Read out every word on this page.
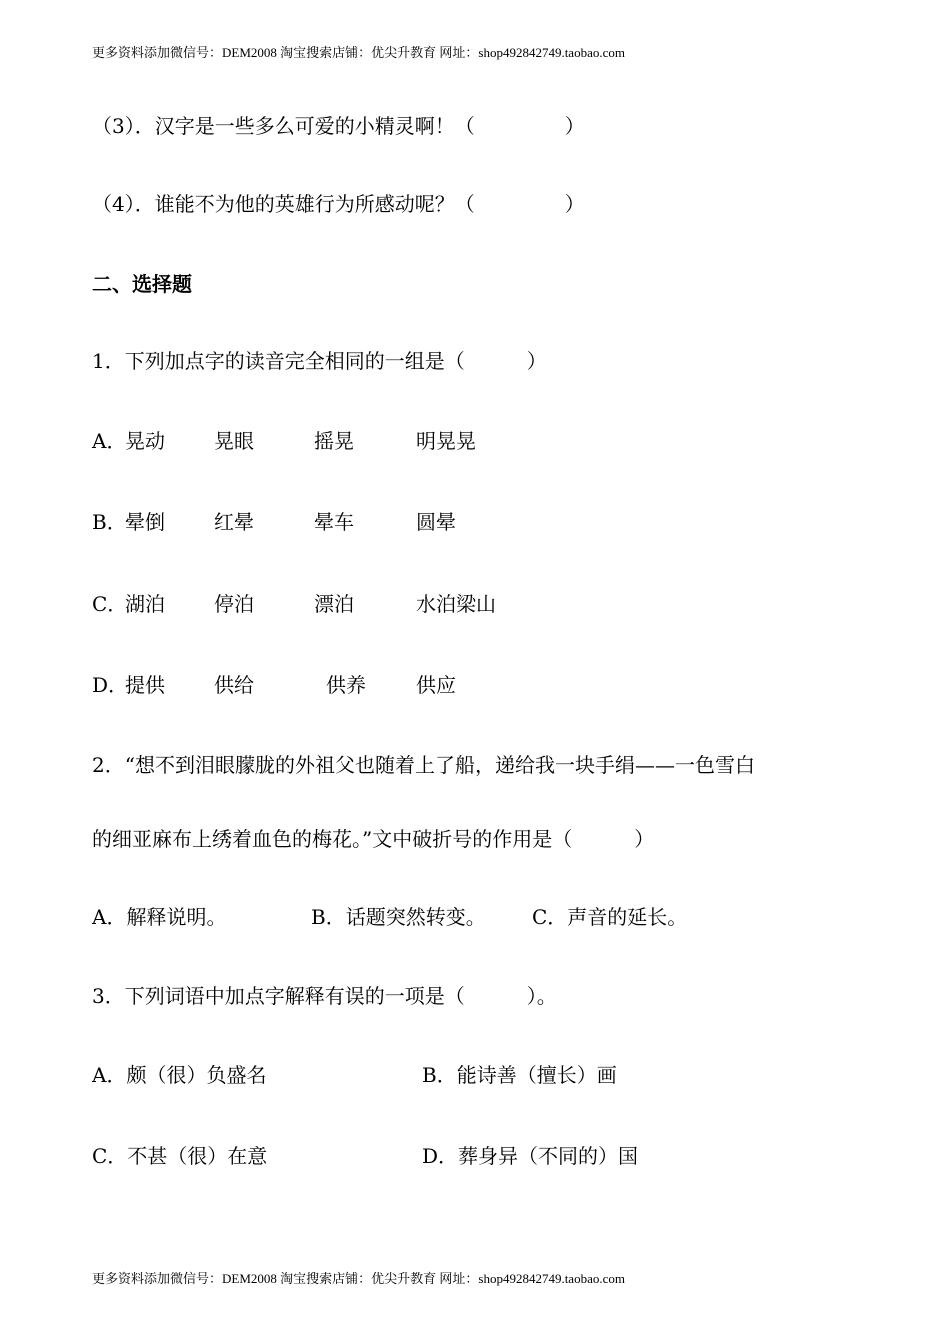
更多资料添加微信号：DEM2008 淘宝搜索店铺：优尖升教育 网址：shop492842749.taobao.com
（3）．汉字是一些多么可爱的小精灵啊！（	）
（4）．谁能不为他的英雄行为所感动呢？（	）
二、选择题
1．下列加点字的读音完全相同的一组是（	）
A．
晃动 晃眼	摇晃	明晃晃
B．
晕倒 红晕	晕车	圆晕
C．
湖泊 停泊	漂泊	水泊梁山
D．
提供 供给	供养	供应
2．“想不到泪眼朦胧的外祖父也随着上了船，递给我一块手绢——一色雪白
的细亚麻布上绣着血色的梅花。”文中破折号的作用是（	）
A．解释说明。	B．话题突然转变。 C．声音的延长。
3．下列词语中加点字解释有误的一项是（	）。
A．颇（很）负盛名	B．能诗善（擅长）画
C．不甚（很）在意	D．葬身异（不同的）国
更多资料添加微信号：DEM2008 淘宝搜索店铺：优尖升教育 网址：shop492842749.taobao.com
